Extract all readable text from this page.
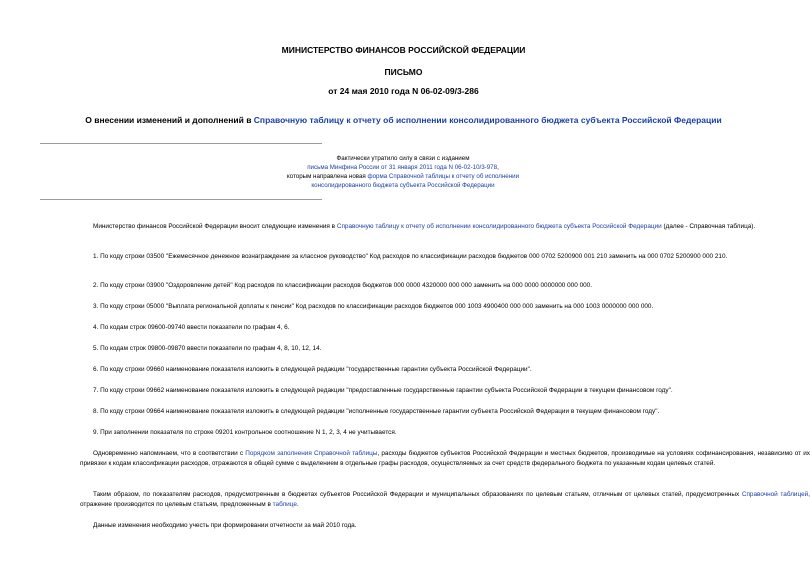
МИНИСТЕРСТВО ФИНАНСОВ РОССИЙСКОЙ ФЕДЕРАЦИИ
ПИСЬМО
от 24 мая 2010 года N 06-02-09/3-286
О внесении изменений и дополнений в Справочную таблицу к отчету об исполнении консолидированного бюджета субъекта Российской Федерации
Фактически утратило силу в связи с изданием
письма Минфина России от 31 января 2011 года N 06-02-10/3-978,
которым направлена новая форма Справочной таблицы к отчету об исполнении консолидированного бюджета субъекта Российской Федерации
Министерство финансов Российской Федерации вносит следующие изменения в Справочную таблицу к отчету об исполнении консолидированного бюджета субъекта Российской Федерации (далее - Справочная таблица).
1. По коду строки 03500 "Ежемесячное денежное вознаграждение за классное руководство" Код расходов по классификации расходов бюджетов 000 0702 5200900 001 210 заменить на 000 0702 5200900 000 210.
2. По коду строки 03900 "Оздоровление детей" Код расходов по классификации расходов бюджетов 000 0000 4320000 000 000 заменить на 000 0000 0000000 000 000.
3. По коду строки 05000 "Выплата региональной доплаты к пенсии" Код расходов по классификации расходов бюджетов 000 1003 4900400 000 000 заменить на 000 1003 0000000 000 000.
4. По кодам строк 09600-09740 ввести показатели по графам 4, 6.
5. По кодам строк 09800-09870 ввести показатели по графам 4, 8, 10, 12, 14.
6. По коду строки 09660 наименование показателя изложить в следующей редакции "государственные гарантии субъекта Российской Федерации".
7. По коду строки 09662 наименование показателя изложить в следующей редакции "предоставленные государственные гарантии субъекта Российской Федерации в текущем финансовом году".
8. По коду строки 09664 наименование показателя изложить в следующей редакции "исполненные государственные гарантии субъекта Российской Федерации в текущем финансовом году".
9. При заполнении показателя по строке 09201 контрольное соотношение N 1, 2, 3, 4 не учитывается.
Одновременно напоминаем, что в соответствии с Порядком заполнения Справочной таблицы, расходы бюджетов субъектов Российской Федерации и местных бюджетов, производимые на условиях софинансирования, независимо от их привязки к кодам классификации расходов, отражаются в общей сумме с выделением в отдельные графы расходов, осуществляемых за счет средств федерального бюджета по указанным кодам целевых статей.
Таким образом, по показателям расходов, предусмотренным в бюджетах субъектов Российской Федерации и муниципальных образованиях по целевым статьям, отличным от целевых статей, предусмотренных Справочной таблицей, отражение производится по целевым статьям, предложенным в таблице.
Данные изменения необходимо учесть при формировании отчетности за май 2010 года.
